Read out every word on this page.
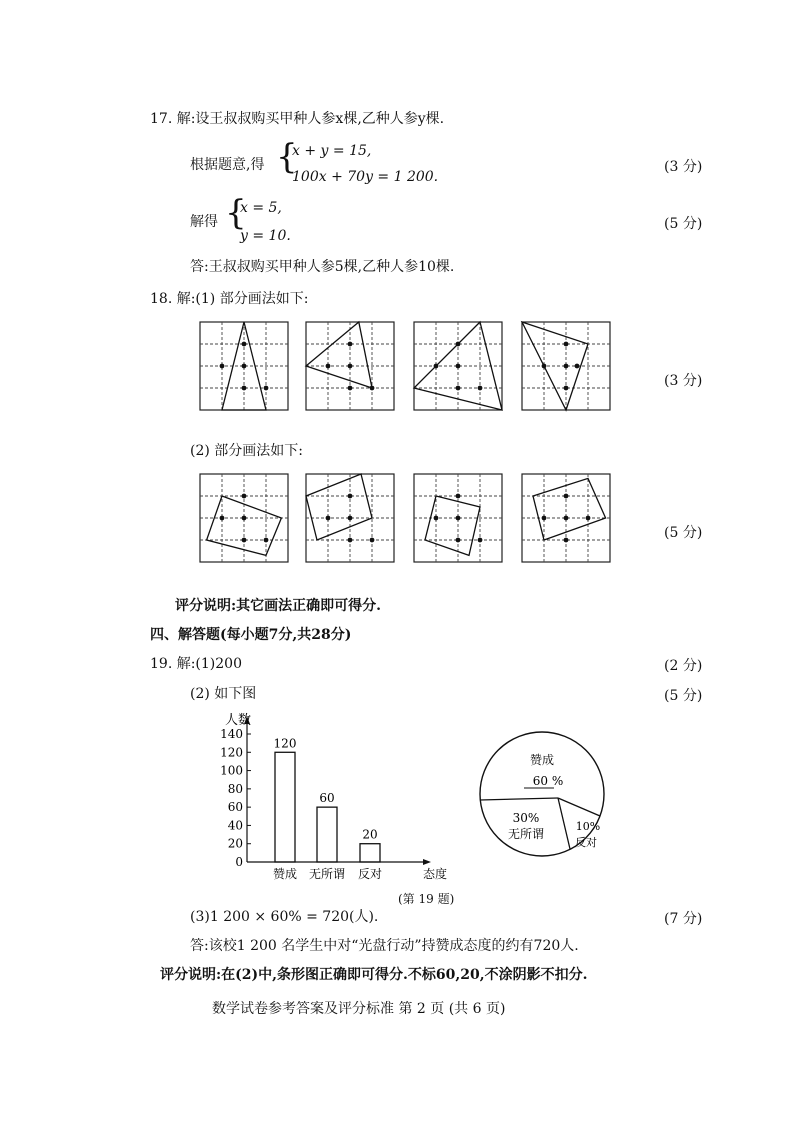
17. 解:设王叔叔购买甲种人参x棵,乙种人参y棵.
根据题意,得 {
x + y = 15,
100x + 70y = 1 200.
(3 分)
解得 {
x = 5,
y = 10.
(5 分)
答:王叔叔购买甲种人参5棵,乙种人参10棵.
18. 解:(1) 部分画法如下:
(3 分)
(2) 部分画法如下:
(5 分)
评分说明:其它画法正确即可得分.
四、解答题(每小题7分,共28分)
19. 解:(1)200	(2 分)
(2) 如下图	(5 分)
人数
0
20
40
60
80
100
120
140
120
赞成
60
无所谓
20
反对	态度
赞成
60 %
30%
无所谓
10%
反对
(第 19 题)
(3)1 200 × 60% = 720(人).	(7 分)
答:该校1 200 名学生中对“光盘行动”持赞成态度的约有720人.
评分说明:在(2)中,条形图正确即可得分.不标60,20,不涂阴影不扣分.
数学试卷参考答案及评分标准 第 2 页 (共 6 页)
